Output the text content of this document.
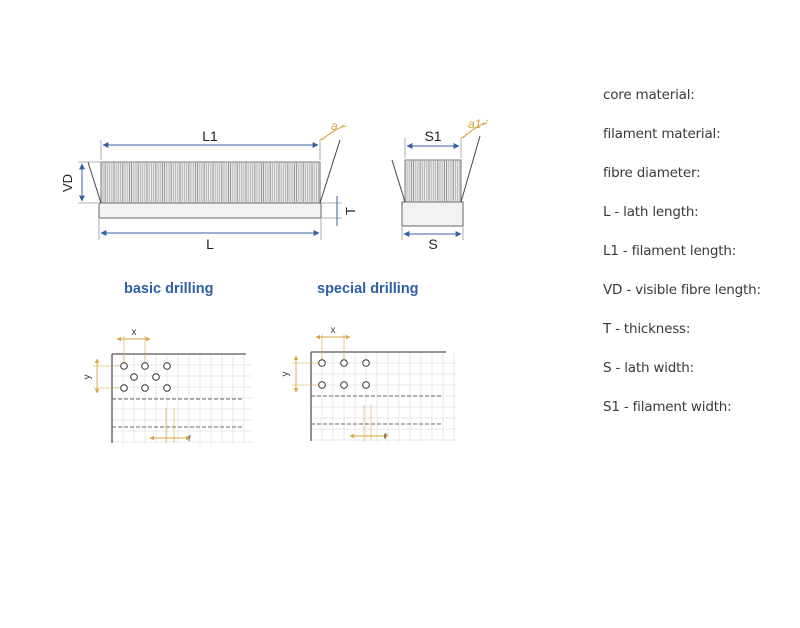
L1
a
VD
T
L
S1
a1
S
x
y
r
x
y
r
basic drilling	special drilling
core material:
filament material:
fibre diameter:
L - lath length:
L1 - filament length:
VD - visible fibre length:
T - thickness:
S - lath width:
S1 - filament width:
